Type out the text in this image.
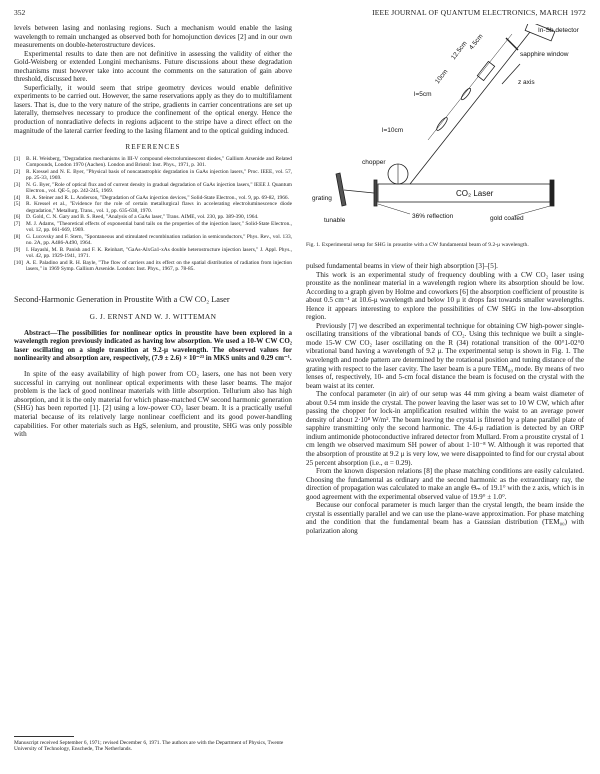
352	IEEE JOURNAL OF QUANTUM ELECTRONICS, MARCH 1972

levels between lasing and nonlasing regions. Such a mechanism would enable the lasing wavelength to remain unchanged as observed both for homojunction devices [2] and in our own measurements on double-heterostructure devices.

Experimental results to date then are not definitive in assessing the validity of either the Gold-Weisberg or extended Longini mechanisms. Future discussions about these degradation mechanisms must however take into account the comments on the saturation of gain above threshold, discussed here.

Superficially, it would seem that stripe geometry devices would enable definitive experiments to be carried out. However, the same reservations apply as they do to multifilament lasers. That is, due to the very nature of the stripe, gradients in carrier concentrations are set up laterally, themselves necessary to produce the confinement of the optical energy. Hence the production of nonradiative defects in regions adjacent to the stripe have a direct effect on the magnitude of the lateral carrier feeding to the lasing filament and to the optical guiding induced.

REFERENCES
[1]	B. H. Weisberg, "Degradation mechanisms in III-V compound electroluminescent diodes," Gallium Arsenide and Related Compounds, London 1970 (Aachen). London and Bristol: Inst. Phys., 1971, p. 301.
[2]	R. Kressel and N. E. Byer, "Physical basis of noncatastrophic degradation in GaAs injection lasers," Proc. IEEE, vol. 57, pp. 25-33, 1969.
[3]	N. G. Byer, "Role of optical flux and of current density in gradual degradation of GaAs injection lasers," IEEE J. Quantum Electron., vol. QE-5, pp. 242-245, 1969.
[4]	R. A. Steiner and R. L. Anderson, "Degradation of GaAs injection devices," Solid-State Electron., vol. 9, pp. 69-82, 1966.
[5]	R. Kressel et al., "Evidence for the role of certain metallurgical flaws in accelerating electroluminescence diode degradation," Metallurg. Trans., vol. 1, pp. 635-638, 1970.
[6]	D. Gold, C. N. Gary and B. S. Reed, "Analysis of a GaAs laser," Trans. AIME, vol. 230, pp. 389-390, 1964.
[7]	M. J. Adams, "Theoretical effects of exponential band tails on the properties of the injection laser," Solid-State Electron., vol. 12, pp. 661-669, 1969.
[8]	G. Lucovsky and F. Stern, "Spontaneous and stimulated recombination radiation in semiconductors," Phys. Rev., vol. 133, no. 2A, pp. A486-A490, 1964.
[9]	I. Hayashi, M. B. Panish and F. K. Reinhart, "GaAs-AlxGa1-xAs double heterostructure injection lasers," J. Appl. Phys., vol. 42, pp. 1929-1941, 1971.
[10] A. E. Paladino and R. H. Bayle, "The flow of carriers and its effect on the spatial distribution of radiation from injection lasers," in 1969 Symp. Gallium Arsenide. London: Inst. Phys., 1967, p. 78-85.
Second-Harmonic Generation in Proustite With a CW CO₂ Laser
G. J. ERNST AND W. J. WITTEMAN

Abstract—The possibilities for nonlinear optics in proustite have been explored in a wavelength region previously indicated as having low absorption. We used a 10-W CW CO₂ laser oscillating on a single transition at 9.2-μ wavelength. The observed values for nonlinearity and absorption are, respectively, (7.9 ± 2.6) × 10⁻²³ in MKS units and 0.29 cm⁻¹.

In spite of the easy availability of high power from CO₂ lasers, one has not been very successful in carrying out nonlinear optical experiments with these laser beams. The major problem is the lack of good nonlinear materials with little absorption. Tellurium also has high absorption, and it is the only material for which phase-matched CW second harmonic generation (SHG) has been reported [1]. [2] using a low-power CO₂ laser beam. It is a practically useful material because of its relatively large nonlinear coefficient and its good power-handling capabilities. For other materials such as HgS, selenium, and proustite, SHG was only possible with

Manuscript received September 6, 1971; revised December 6, 1971. The authors are with the Department of Physics, Twente University of Technology, Enschede, The Netherlands.
In-Sb detector
sapphire window
l=5cm
l=10cm
z axis
12.5cm
10cm
4.5cm
chopper
CO₂ Laser
grating
tunable
36% reflection	gold coated
Fig. 1. Experimental setup for SHG in proustite with a CW fundamental beam of 9.2-μ wavelength.

pulsed fundamental beams in view of their high absorption [3]–[5].

This work is an experimental study of frequency doubling with a CW CO₂ laser using proustite as the nonlinear material in a wavelength region where its absorption should be low. According to a graph given by Holme and coworkers [6] the absorption coefficient of proustite is about 0.5 cm⁻¹ at 10.6-μ wavelength and below 10 μ it drops fast towards smaller wavelengths. Hence it appears interesting to explore the possibilities of CW SHG in the low-absorption region.

Previously [7] we described an experimental technique for obtaining CW high-power single-oscillating transitions of the vibrational bands of CO₂. Using this technique we built a single-mode 15-W CW CO₂ laser oscillating on the R (34) rotational transition of the 00°1-02°0 vibrational band having a wavelength of 9.2 μ. The experimental setup is shown in Fig. 1. The wavelength and mode pattern are determined by the rotational position and tuning distance of the grating with respect to the laser cavity. The laser beam is a pure TEM₀₀ mode. By means of two lenses of, respectively, 10- and 5-cm focal distance the beam is focused on the crystal with the beam waist at its center.

The confocal parameter (in air) of our setup was 44 mm giving a beam waist diameter of about 0.54 mm inside the crystal. The power leaving the laser was set to 10 W CW, which after passing the chopper for lock-in amplification resulted within the waist to an average power density of about 2·10⁸ W/m². The beam leaving the crystal is filtered by a plane parallel plate of sapphire transmitting only the second harmonic. The 4.6-μ radiation is detected by an ORP indium antimonide photoconductive infrared detector from Mullard. From a proustite crystal of 1 cm length we observed maximum SH power of about 1·10⁻⁸ W. Although it was reported that the absorption of proustite at 9.2 μ is very low, we were disappointed to find for our crystal about 25 percent absorption (i.e., α = 0.29).

From the known dispersion relations [8] the phase matching conditions are easily calculated. Choosing the fundamental as ordinary and the second harmonic as the extraordinary ray, the direction of propagation was calculated to make an angle Θₘ of 19.1° with the z axis, which is in good agreement with the experimental observed value of 19.9° ± 1.0°.

Because our confocal parameter is much larger than the crystal length, the beam inside the crystal is essentially parallel and we can use the plane-wave approximation. For phase matching and the condition that the fundamental beam has a Gaussian distribution (TEM₀₀) with polarization along
